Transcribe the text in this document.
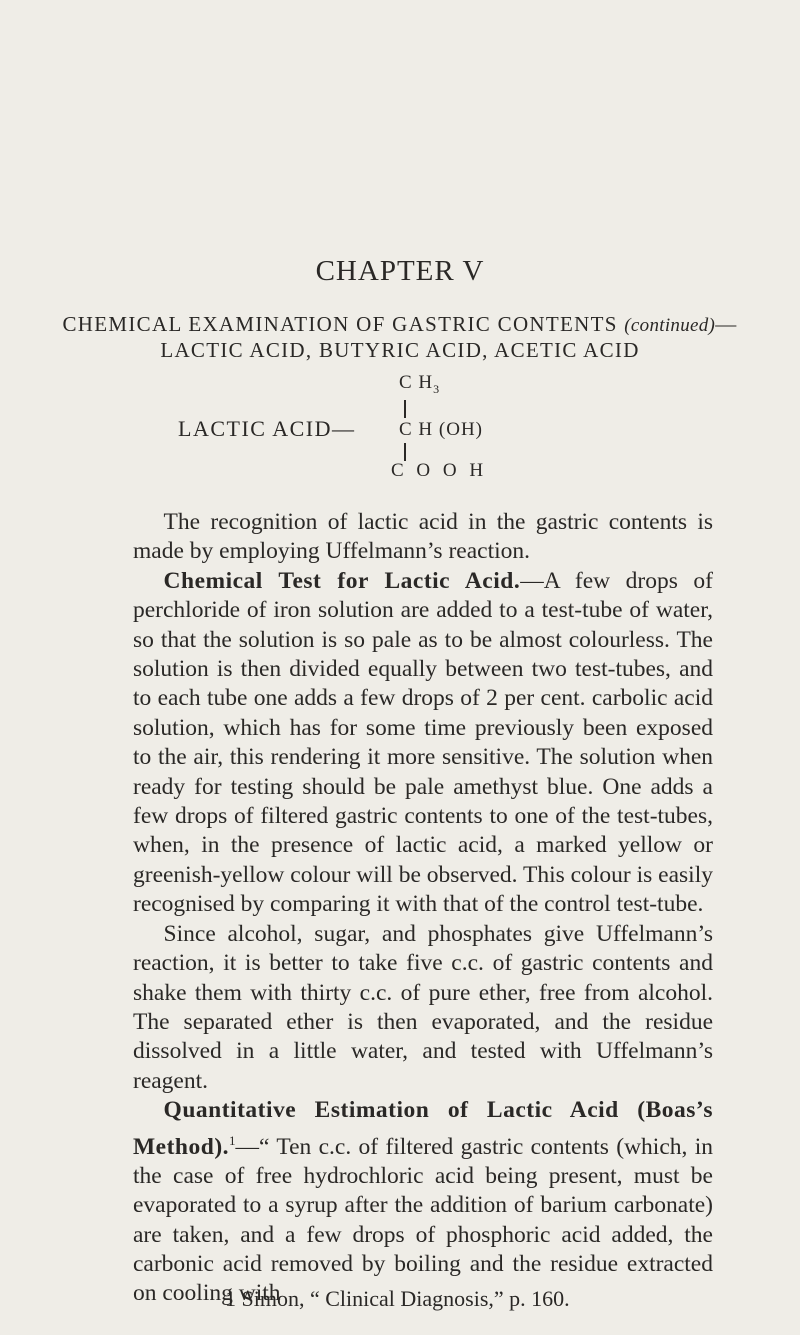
CHAPTER V
CHEMICAL EXAMINATION OF GASTRIC CONTENTS (continued)—
LACTIC ACID, BUTYRIC ACID, ACETIC ACID
C $H_3$
LACTIC ACID— C H (OH)
C O O H

The recognition of lactic acid in the gastric contents is made by employing Uffelmann’s reaction.

Chemical Test for Lactic Acid.—A few drops of perchloride of iron solution are added to a test-tube of water, so that the solution is so pale as to be almost colourless. The solution is then divided equally between two test-tubes, and to each tube one adds a few drops of 2 per cent. carbolic acid solution, which has for some time previously been exposed to the air, this rendering it more sensitive. The solution when ready for testing should be pale amethyst blue. One adds a few drops of filtered gastric contents to one of the test-tubes, when, in the presence of lactic acid, a marked yellow or greenish-yellow colour will be observed. This colour is easily recognised by comparing it with that of the control test-tube.

Since alcohol, sugar, and phosphates give Uffelmann’s reaction, it is better to take five c.c. of gastric contents and shake them with thirty c.c. of pure ether, free from alcohol. The separated ether is then evaporated, and the residue dissolved in a little water, and tested with Uffelmann’s reagent.

Quantitative Estimation of Lactic Acid (Boas’s Method).$^1$—“ Ten c.c. of filtered gastric contents (which, in the case of free hydrochloric acid being present, must be evaporated to a syrup after the addition of barium carbonate) are taken, and a few drops of phosphoric acid added, the carbonic acid removed by boiling and the residue extracted on cooling with

1 Simon, “ Clinical Diagnosis,” p. 160.
